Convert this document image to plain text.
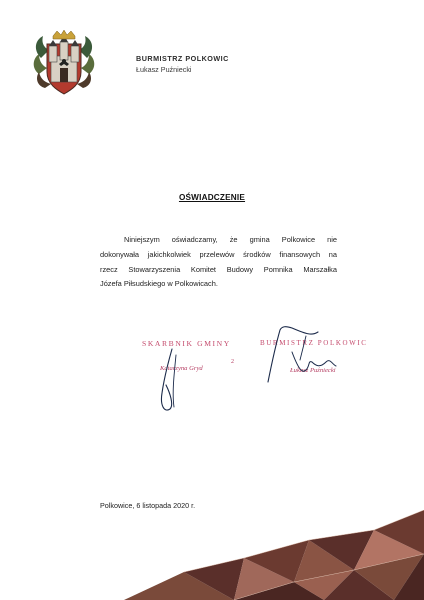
BURMISTRZ POLKOWIC
Łukasz Puźniecki
OŚWIADCZENIE
Niniejszym oświadczamy, że gmina Polkowice nie
dokonywała jakichkolwiek przelewów środków finansowych na
rzecz Stowarzyszenia Komitet Budowy Pomnika Marszałka
Józefa Piłsudskiego w Polkowicach.
SKARBNIK GMINY
Katarzyna Gryd
2
BURMISTRZ POLKOWIC
Łukasz Puźniecki
Polkowice, 6 listopada 2020 r.
